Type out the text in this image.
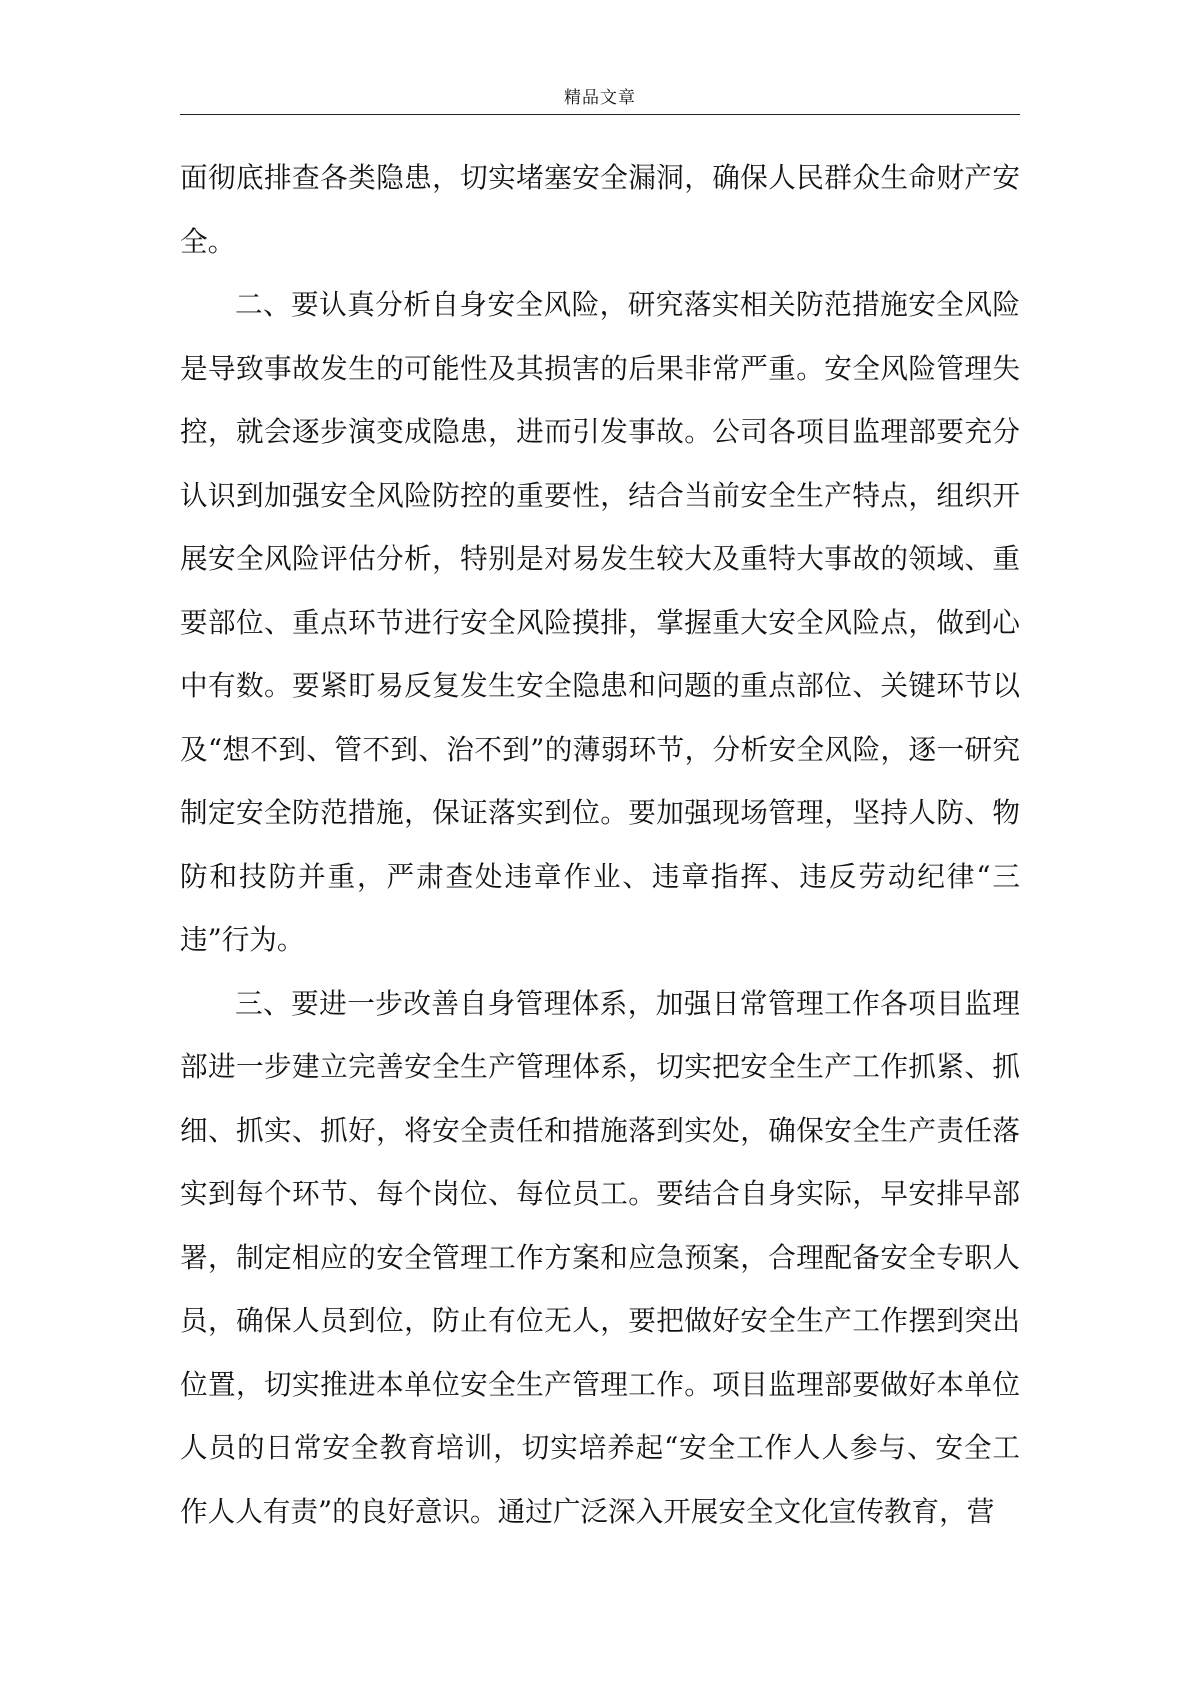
精品文章

面彻底排查各类隐患，切实堵塞安全漏洞，确保人民群众生命财产安全。

二、要认真分析自身安全风险，研究落实相关防范措施安全风险是导致事故发生的可能性及其损害的后果非常严重。安全风险管理失控，就会逐步演变成隐患，进而引发事故。公司各项目监理部要充分认识到加强安全风险防控的重要性，结合当前安全生产特点，组织开展安全风险评估分析，特别是对易发生较大及重特大事故的领域、重要部位、重点环节进行安全风险摸排，掌握重大安全风险点，做到心中有数。要紧盯易反复发生安全隐患和问题的重点部位、关键环节以及“想不到、管不到、治不到”的薄弱环节，分析安全风险，逐一研究制定安全防范措施，保证落实到位。要加强现场管理，坚持人防、物防和技防并重，严肃查处违章作业、违章指挥、违反劳动纪律“三违”行为。

三、要进一步改善自身管理体系，加强日常管理工作各项目监理部进一步建立完善安全生产管理体系，切实把安全生产工作抓紧、抓细、抓实、抓好，将安全责任和措施落到实处，确保安全生产责任落实到每个环节、每个岗位、每位员工。要结合自身实际，早安排早部署，制定相应的安全管理工作方案和应急预案，合理配备安全专职人员，确保人员到位，防止有位无人，要把做好安全生产工作摆到突出位置，切实推进本单位安全生产管理工作。项目监理部要做好本单位人员的日常安全教育培训，切实培养起“安全工作人人参与、安全工作人人有责”的良好意识。通过广泛深入开展安全文化宣传教育，营
